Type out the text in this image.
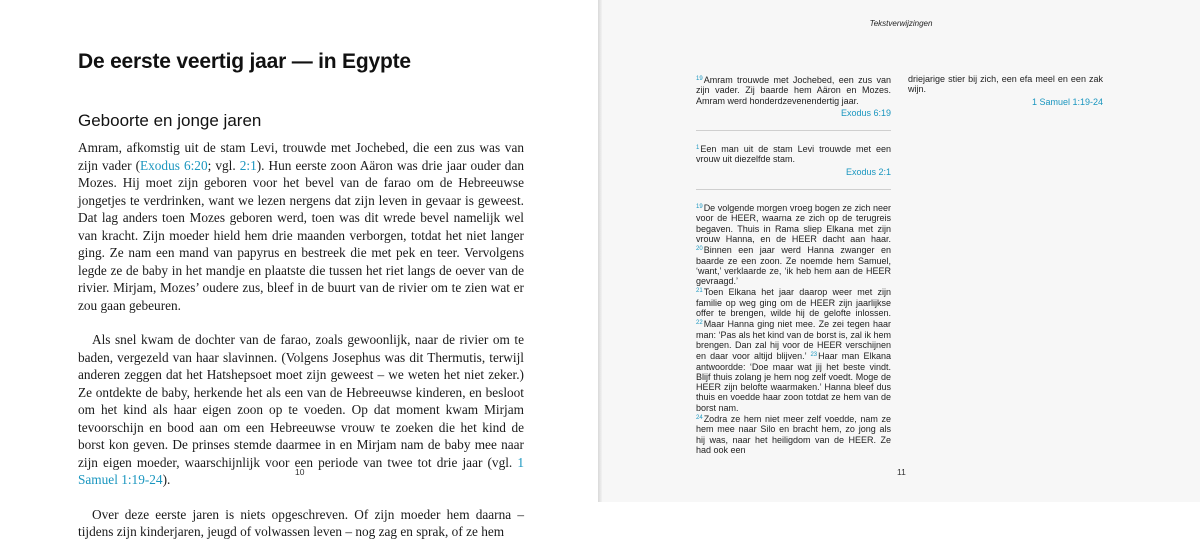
De eerste veertig jaar — in Egypte
Geboorte en jonge jaren

Amram, afkomstig uit de stam Levi, trouwde met Jochebed, die een zus was van zijn vader (Exodus 6:20; vgl. 2:1). Hun eerste zoon Aäron was drie jaar ouder dan Mozes. Hij moet zijn geboren voor het bevel van de farao om de Hebreeuwse jongetjes te verdrinken, want we lezen nergens dat zijn leven in gevaar is geweest. Dat lag anders toen Mozes geboren werd, toen was dit wrede bevel namelijk wel van kracht. Zijn moeder hield hem drie maanden verborgen, totdat het niet langer ging. Ze nam een mand van papyrus en bestreek die met pek en teer. Vervolgens legde ze de baby in het mandje en plaatste die tussen het riet langs de oever van de rivier. Mirjam, Mozes’ oudere zus, bleef in de buurt van de rivier om te zien wat er zou gaan gebeuren.

Als snel kwam de dochter van de farao, zoals gewoonlijk, naar de rivier om te baden, vergezeld van haar slavinnen. (Volgens Josephus was dit Thermutis, terwijl anderen zeggen dat het Hatshepsoet moet zijn geweest – we weten het niet zeker.) Ze ontdekte de baby, herkende het als een van de Hebreeuwse kinderen, en besloot om het kind als haar eigen zoon op te voeden. Op dat moment kwam Mirjam tevoorschijn en bood aan om een Hebreeuwse vrouw te zoeken die het kind de borst kon geven. De prinses stemde daarmee in en Mirjam nam de baby mee naar zijn eigen moeder, waarschijnlijk voor een periode van twee tot drie jaar (vgl. 1 Samuel 1:19-24).

Over deze eerste jaren is niets opgeschreven. Of zijn moeder hem daarna – tijdens zijn kinderjaren, jeugd of volwassen leven – nog zag en sprak, of ze hem

10
Tekstverwijzingen

$^{19}$Amram trouwde met Jochebed, een zus van zijn vader. Zij baarde hem Aäron en Mozes. Amram werd honderdzevenendertig jaar.

Exodus 6:19

$^1$Een man uit de stam Levi trouwde met een vrouw uit diezelfde stam.

Exodus 2:1

$^{19}$De volgende morgen vroeg bogen ze zich neer voor de HEER, waarna ze zich op de terugreis begaven. Thuis in Rama sliep Elkana met zijn vrouw Hanna, en de HEER dacht aan haar. $^{20}$Binnen een jaar werd Hanna zwanger en baarde ze een zoon. Ze noemde hem Samuel, ‘want,’ verklaarde ze, ‘ik heb hem aan de HEER gevraagd.’

$^{21}$Toen Elkana het jaar daarop weer met zijn familie op weg ging om de HEER zijn jaarlijkse offer te brengen, wilde hij de gelofte inlossen. $^{22}$Maar Hanna ging niet mee. Ze zei tegen haar man: ‘Pas als het kind van de borst is, zal ik hem brengen. Dan zal hij voor de HEER verschijnen en daar voor altijd blijven.’ $^{23}$Haar man Elkana antwoordde: ‘Doe maar wat jij het beste vindt. Blijf thuis zolang je hem nog zelf voedt. Moge de HEER zijn belofte waarmaken.’ Hanna bleef dus thuis en voedde haar zoon totdat ze hem van de borst nam.

$^{24}$Zodra ze hem niet meer zelf voedde, nam ze hem mee naar Silo en bracht hem, zo jong als hij was, naar het heiligdom van de HEER. Ze had ook een

driejarige stier bij zich, een efa meel en een zak wijn.

1 Samuel 1:19-24
11
